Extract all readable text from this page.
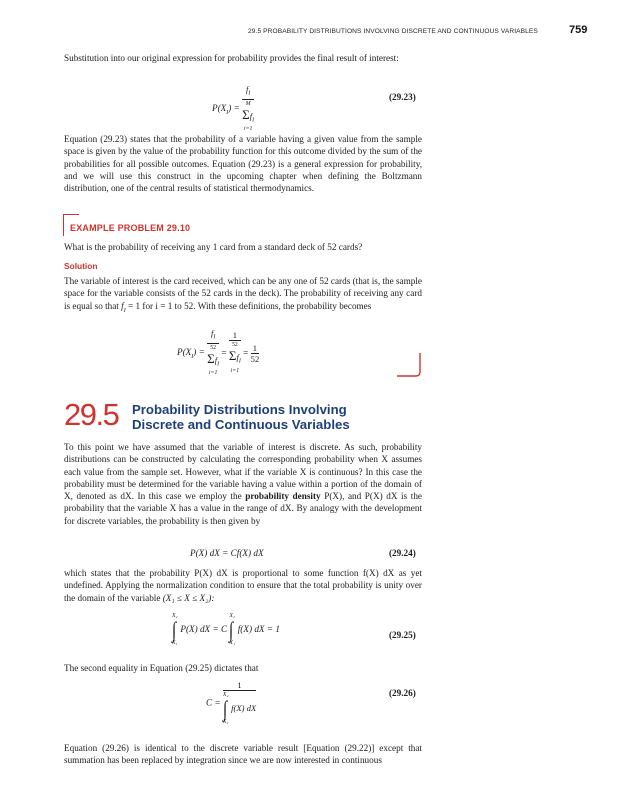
29.5 PROBABILITY DISTRIBUTIONS INVOLVING DISCRETE AND CONTINUOUS VARIABLES	759

Substitution into our original expression for probability provides the final result of interest:

$P(X_I) = f_I$
M
$\Sigma f_I$
i=1	(29.23)

Equation (29.23) states that the probability of a variable having a given value from the sample space is given by the value of the probability function for this outcome divided by the sum of the probabilities for all possible outcomes. Equation (29.23) is a general expression for probability, and we will use this construct in the upcoming chapter when defining the Boltzmann distribution, one of the central results of statistical thermodynamics.

EXAMPLE PROBLEM 29.10

What is the probability of receiving any 1 card from a standard deck of 52 cards?

Solution

The variable of interest is the card received, which can be any one of 52 cards (that is, the sample space for the variable consists of the 52 cards in the deck). The probability of receiving any card is equal so that $f_I = 1$ for i = 1 to 52. With these definitions, the probability becomes

$P(X_I) = f_I$
52
$\Sigma f_I$
i=1 = 1
52
$\Sigma f_I$
$i=1 = \frac{1}{52}$
29.5 Probability Distributions Involving
Discrete and Continuous Variables

To this point we have assumed that the variable of interest is discrete. As such, probability distributions can be constructed by calculating the corresponding probability when X assumes each value from the sample set. However, what if the variable X is continuous? In this case the probability must be determined for the variable having a value within a portion of the domain of X, denoted as dX. In this case we employ the probability density P(X), and P(X) dX is the probability that the variable X has a value in the range of dX. By analogy with the development for discrete variables, the probability is then given by

P(X) dX = Cf(X) dX	(29.24)

which states that the probability P(X) dX is proportional to some function f(X) dX as yet undefined. Applying the normalization condition to ensure that the total probability is unity over the domain of the variable (X₁ ≤ X ≤ X₂):

X₂
∫
X₁
P(X) dX = C
X₂
∫
X₁
f(X) dX = 1
(29.25)

The second equality in Equation (29.25) dictates that

C = 1
X₂
∫
X₁
f(X) dX	(29.26)

Equation (29.26) is identical to the discrete variable result [Equation (29.22)] except that summation has been replaced by integration since we are now interested in continuous
